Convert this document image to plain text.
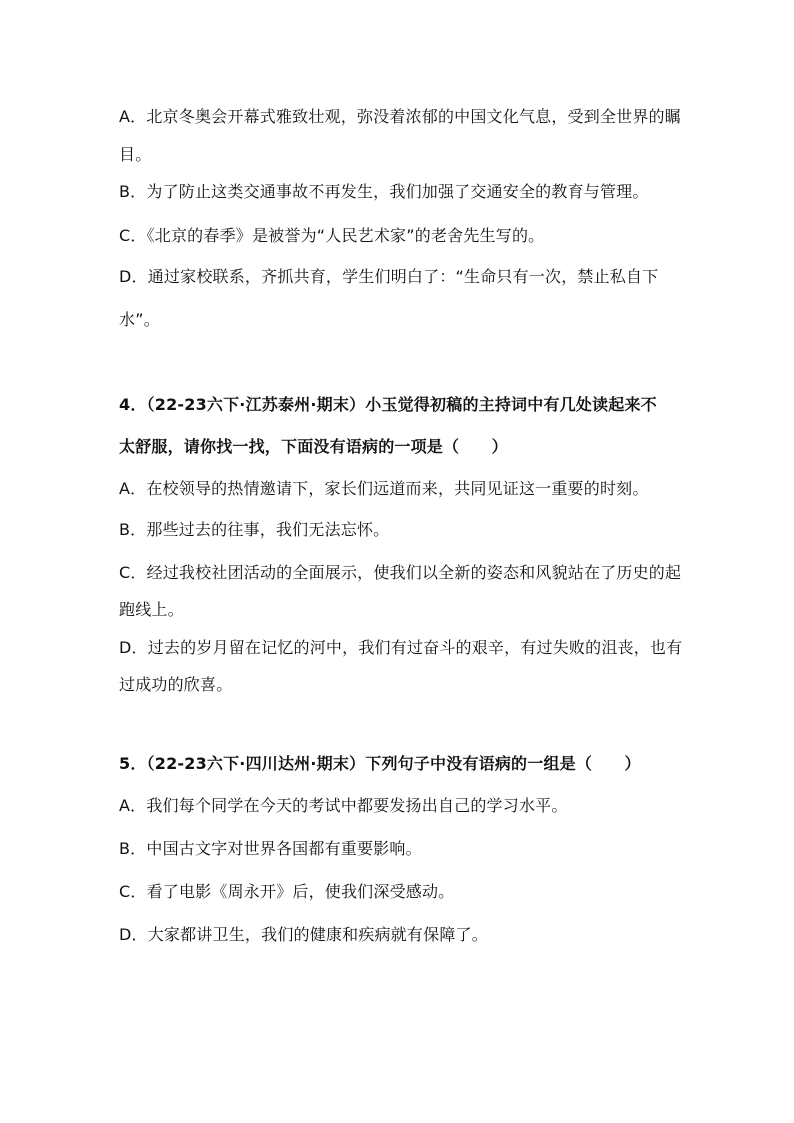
A．北京冬奥会开幕式雅致壮观，弥没着浓郁的中国文化气息，受到全世界的瞩
目。
B．为了防止这类交通事故不再发生，我们加强了交通安全的教育与管理。
C．《北京的春季》是被誉为“人民艺术家”的老舍先生写的。
D．通过家校联系，齐抓共育，学生们明白了：“生命只有一次，禁止私自下
水”。
4．（22-23六下·江苏泰州·期末）小玉觉得初稿的主持词中有几处读起来不
太舒服，请你找一找，下面没有语病的一项是（　　）
A．在校领导的热情邀请下，家长们远道而来，共同见证这一重要的时刻。
B．那些过去的往事，我们无法忘怀。
C．经过我校社团活动的全面展示，使我们以全新的姿态和风貌站在了历史的起
跑线上。
D．过去的岁月留在记忆的河中，我们有过奋斗的艰辛，有过失败的沮丧，也有
过成功的欣喜。
5．（22-23六下·四川达州·期末）下列句子中没有语病的一组是（　　）
A．我们每个同学在今天的考试中都要发扬出自己的学习水平。
B．中国古文字对世界各国都有重要影响。
C．看了电影《周永开》后，使我们深受感动。
D．大家都讲卫生，我们的健康和疾病就有保障了。
